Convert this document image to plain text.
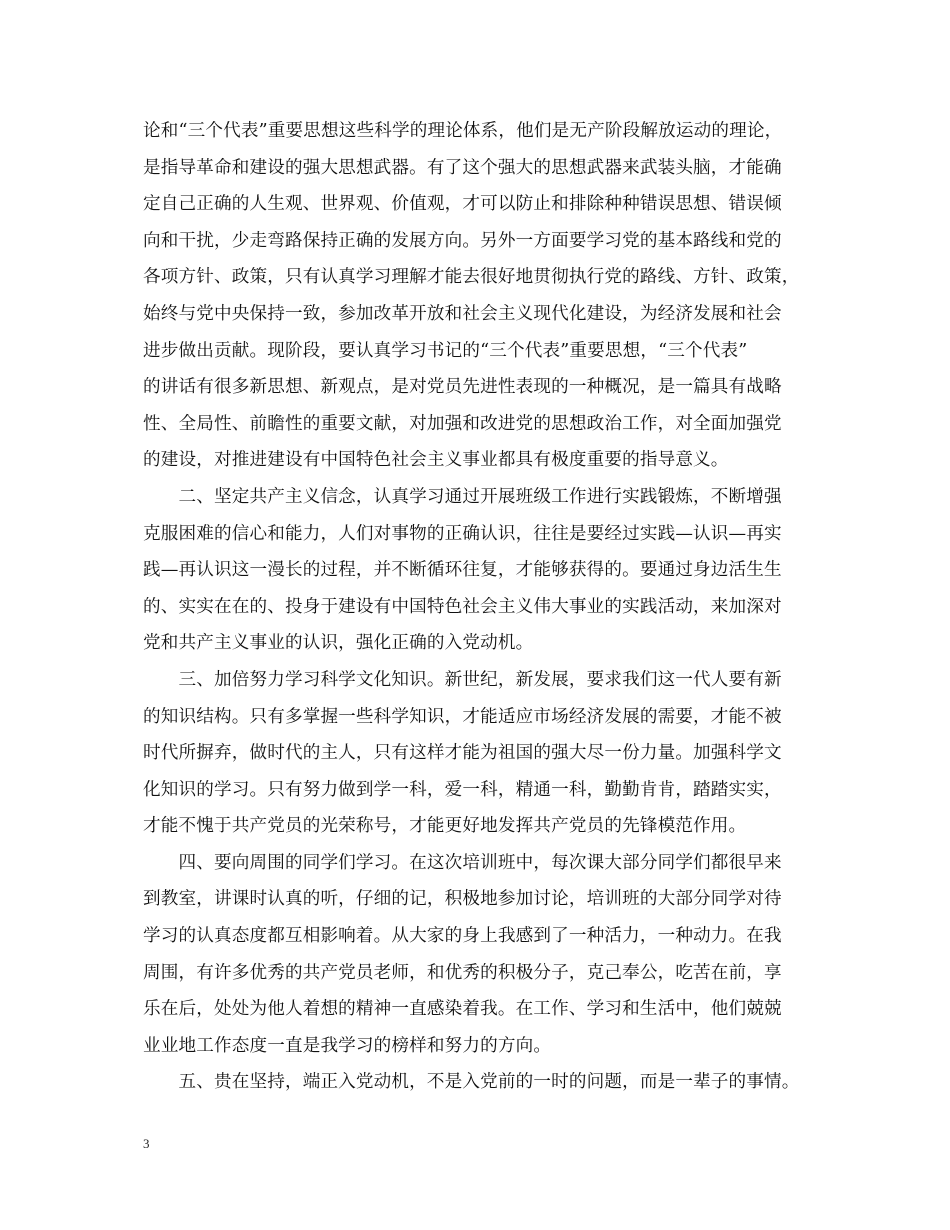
论和“三个代表”重要思想这些科学的理论体系，他们是无产阶段解放运动的理论，
是指导革命和建设的强大思想武器。有了这个强大的思想武器来武装头脑，才能确
定自己正确的人生观、世界观、价值观，才可以防止和排除种种错误思想、错误倾
向和干扰，少走弯路保持正确的发展方向。另外一方面要学习党的基本路线和党的
各项方针、政策，只有认真学习理解才能去很好地贯彻执行党的路线、方针、政策，
始终与党中央保持一致，参加改革开放和社会主义现代化建设，为经济发展和社会
进步做出贡献。现阶段，要认真学习书记的“三个代表”重要思想，“三个代表”
的讲话有很多新思想、新观点，是对党员先进性表现的一种概况，是一篇具有战略
性、全局性、前瞻性的重要文献，对加强和改进党的思想政治工作，对全面加强党
的建设，对推进建设有中国特色社会主义事业都具有极度重要的指导意义。
　　二、坚定共产主义信念，认真学习通过开展班级工作进行实践锻炼，不断增强
克服困难的信心和能力，人们对事物的正确认识，往往是要经过实践—认识—再实
践—再认识这一漫长的过程，并不断循环往复，才能够获得的。要通过身边活生生
的、实实在在的、投身于建设有中国特色社会主义伟大事业的实践活动，来加深对
党和共产主义事业的认识，强化正确的入党动机。
　　三、加倍努力学习科学文化知识。新世纪，新发展，要求我们这一代人要有新
的知识结构。只有多掌握一些科学知识，才能适应市场经济发展的需要，才能不被
时代所摒弃，做时代的主人，只有这样才能为祖国的强大尽一份力量。加强科学文
化知识的学习。只有努力做到学一科，爱一科，精通一科，勤勤肯肯，踏踏实实，
才能不愧于共产党员的光荣称号，才能更好地发挥共产党员的先锋模范作用。
　　四、要向周围的同学们学习。在这次培训班中，每次课大部分同学们都很早来
到教室，讲课时认真的听，仔细的记，积极地参加讨论，培训班的大部分同学对待
学习的认真态度都互相影响着。从大家的身上我感到了一种活力，一种动力。在我
周围，有许多优秀的共产党员老师，和优秀的积极分子，克己奉公，吃苦在前，享
乐在后，处处为他人着想的精神一直感染着我。在工作、学习和生活中，他们兢兢
业业地工作态度一直是我学习的榜样和努力的方向。
　　五、贵在坚持，端正入党动机，不是入党前的一时的问题，而是一辈子的事情。
3
